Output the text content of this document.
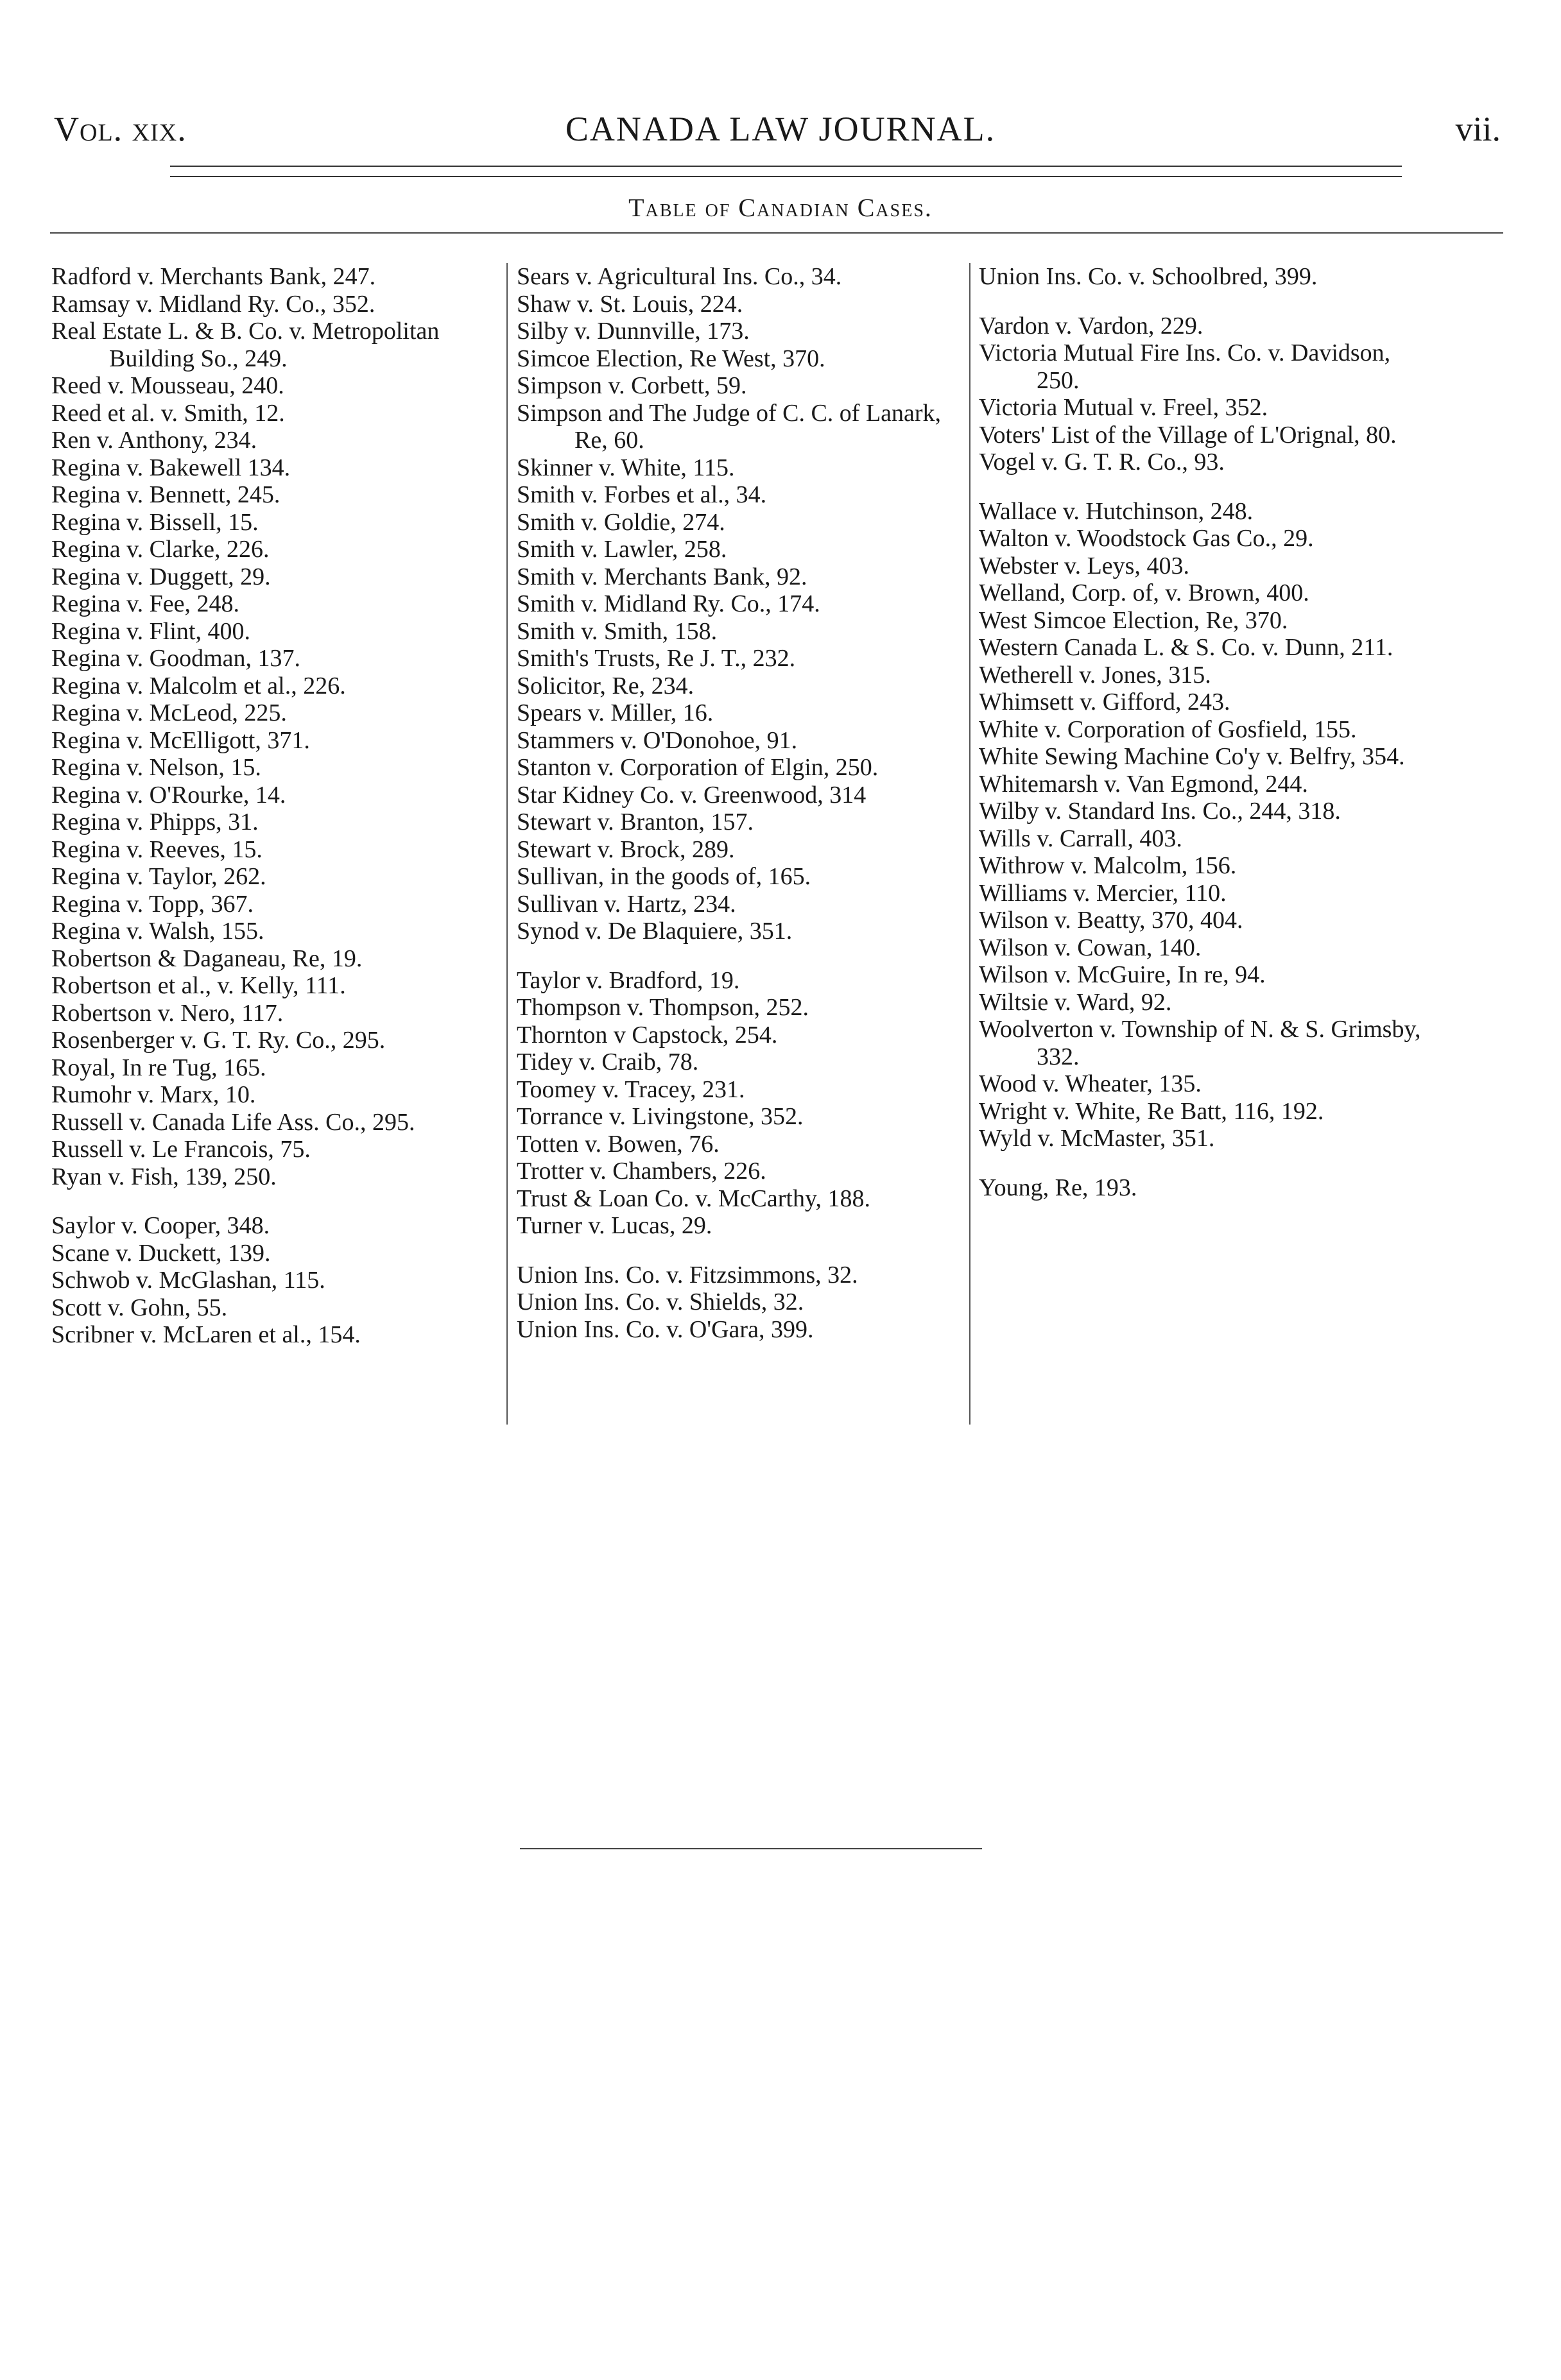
Vol. xix.	CANADA LAW JOURNAL.	vii.
Table of Canadian Cases.
Radford v. Merchants Bank, 247.
Ramsay v. Midland Ry. Co., 352.
Real Estate L. & B. Co. v. Metropolitan Building So., 249.
Reed v. Mousseau, 240.
Reed et al. v. Smith, 12.
Ren v. Anthony, 234.
Regina v. Bakewell 134.
Regina v. Bennett, 245.
Regina v. Bissell, 15.
Regina v. Clarke, 226.
Regina v. Duggett, 29.
Regina v. Fee, 248.
Regina v. Flint, 400.
Regina v. Goodman, 137.
Regina v. Malcolm et al., 226.
Regina v. McLeod, 225.
Regina v. McElligott, 371.
Regina v. Nelson, 15.
Regina v. O'Rourke, 14.
Regina v. Phipps, 31.
Regina v. Reeves, 15.
Regina v. Taylor, 262.
Regina v. Topp, 367.
Regina v. Walsh, 155.
Robertson & Daganeau, Re, 19.
Robertson et al., v. Kelly, 111.
Robertson v. Nero, 117.
Rosenberger v. G. T. Ry. Co., 295.
Royal, In re Tug, 165.
Rumohr v. Marx, 10.
Russell v. Canada Life Ass. Co., 295.
Russell v. Le Francois, 75.
Ryan v. Fish, 139, 250.
Saylor v. Cooper, 348.
Scane v. Duckett, 139.
Schwob v. McGlashan, 115.
Scott v. Gohn, 55.
Scribner v. McLaren et al., 154.
Sears v. Agricultural Ins. Co., 34.
Shaw v. St. Louis, 224.
Silby v. Dunnville, 173.
Simcoe Election, Re West, 370.
Simpson v. Corbett, 59.
Simpson and The Judge of C. C. of Lanark, Re, 60.
Skinner v. White, 115.
Smith v. Forbes et al., 34.
Smith v. Goldie, 274.
Smith v. Lawler, 258.
Smith v. Merchants Bank, 92.
Smith v. Midland Ry. Co., 174.
Smith v. Smith, 158.
Smith's Trusts, Re J. T., 232.
Solicitor, Re, 234.
Spears v. Miller, 16.
Stammers v. O'Donohoe, 91.
Stanton v. Corporation of Elgin, 250.
Star Kidney Co. v. Greenwood, 314
Stewart v. Branton, 157.
Stewart v. Brock, 289.
Sullivan, in the goods of, 165.
Sullivan v. Hartz, 234.
Synod v. De Blaquiere, 351.
Taylor v. Bradford, 19.
Thompson v. Thompson, 252.
Thornton v Capstock, 254.
Tidey v. Craib, 78.
Toomey v. Tracey, 231.
Torrance v. Livingstone, 352.
Totten v. Bowen, 76.
Trotter v. Chambers, 226.
Trust & Loan Co. v. McCarthy, 188.
Turner v. Lucas, 29.
Union Ins. Co. v. Fitzsimmons, 32.
Union Ins. Co. v. Shields, 32.
Union Ins. Co. v. O'Gara, 399.
Union Ins. Co. v. Schoolbred, 399.
Vardon v. Vardon, 229.
Victoria Mutual Fire Ins. Co. v. Davidson, 250.
Victoria Mutual v. Freel, 352.
Voters' List of the Village of L'Orignal, 80.
Vogel v. G. T. R. Co., 93.
Wallace v. Hutchinson, 248.
Walton v. Woodstock Gas Co., 29.
Webster v. Leys, 403.
Welland, Corp. of, v. Brown, 400.
West Simcoe Election, Re, 370.
Western Canada L. & S. Co. v. Dunn, 211.
Wetherell v. Jones, 315.
Whimsett v. Gifford, 243.
White v. Corporation of Gosfield, 155.
White Sewing Machine Co'y v. Belfry, 354.
Whitemarsh v. Van Egmond, 244.
Wilby v. Standard Ins. Co., 244, 318.
Wills v. Carrall, 403.
Withrow v. Malcolm, 156.
Williams v. Mercier, 110.
Wilson v. Beatty, 370, 404.
Wilson v. Cowan, 140.
Wilson v. McGuire, In re, 94.
Wiltsie v. Ward, 92.
Woolverton v. Township of N. & S. Grimsby, 332.
Wood v. Wheater, 135.
Wright v. White, Re Batt, 116, 192.
Wyld v. McMaster, 351.
Young, Re, 193.
